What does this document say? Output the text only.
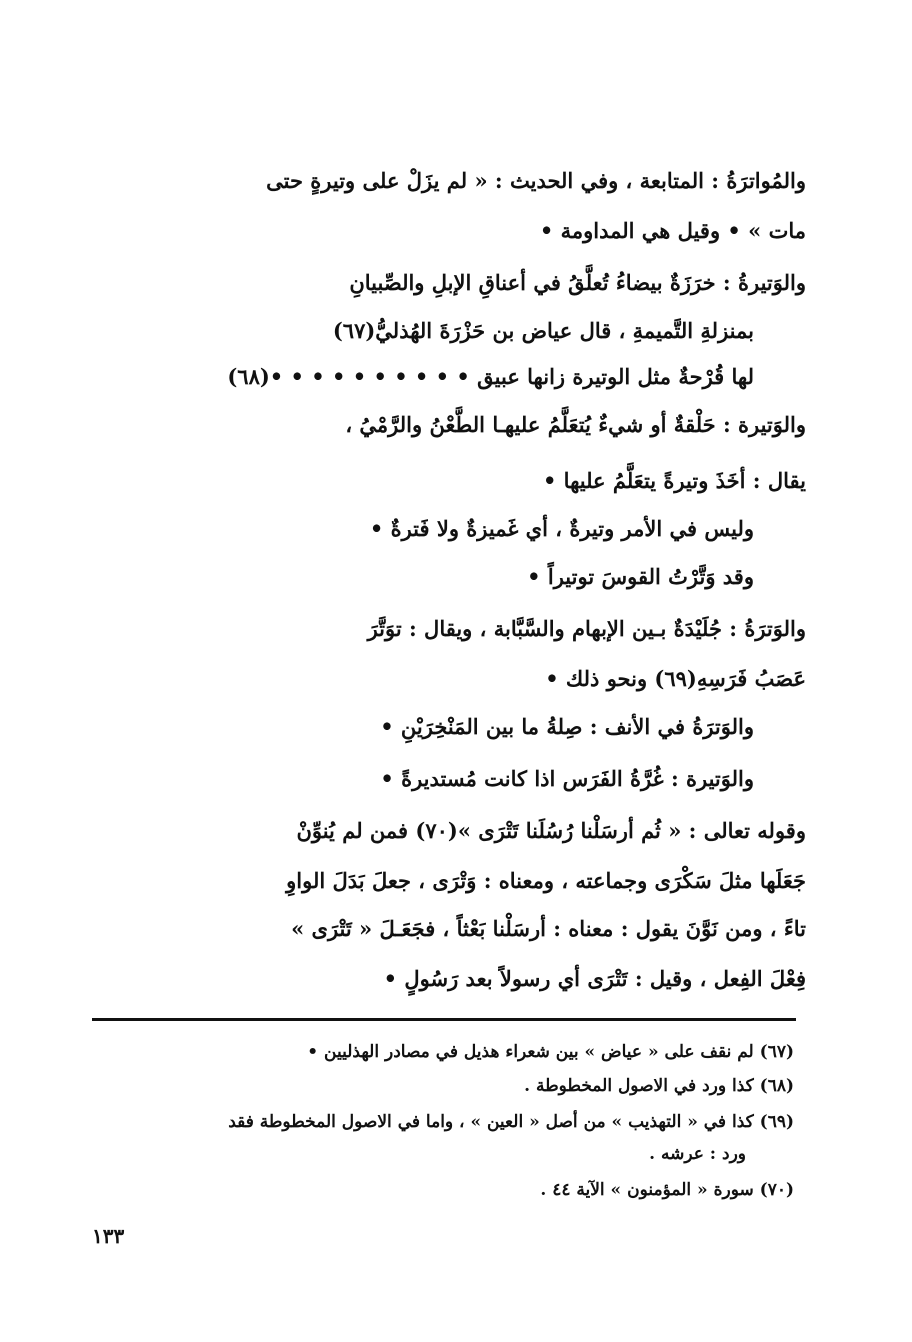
والمُواترَةُ : المتابعة ، وفي الحديث : « لم يزَلْ على وتيرةٍ حتى
مات » • وقيل هي المداومة •
والوَتيرةُ : خرَزَةٌ بيضاءُ تُعلَّقُ في أعناقِ الإبلِ والصِّبيانِ
بمنزلةِ التَّميمةِ ، قال عياض بن حَزْرَةَ الهُذليُّ(٦٧)
لها قُرْحةٌ مثل الوتيرة زانها عبيق • • • • • • • • • •(٦٨)
والوَتيرة : حَلْقةٌ أو شيءٌ يُتعَلَّمُ عليهـا الطَّعْنُ والرَّمْيُ ،
يقال : أخَذَ وتيرةً يتعَلَّمُ عليها •
وليس في الأمر وتيرةٌ ، أي غَميزةٌ ولا فَترةٌ •
وقد وَتَّرْتُ القوسَ توتيراً •
والوَترَةُ : جُلَيْدَةٌ بـين الإبهام والسَّبَّابة ، ويقال : توَتَّرَ
عَصَبُ فَرَسِهِ(٦٩) ونحو ذلك •
والوَترَةُ في الأنف : صِلةُ ما بين المَنْخِرَيْنِ •
والوَتيرة : غُرَّةُ الفَرَس اذا كانت مُستديرةً •
وقوله تعالى : « ثُم أرسَلْنا رُسُلَنا تَتْرَى »(٧٠) فمن لم يُنوِّنْ
جَعَلَها مثلَ سَكْرَى وجماعته ، ومعناه : وَتْرَى ، جعلَ بَدَلَ الواوِ
تاءً ، ومن نَوَّنَ يقول : معناه : أرسَلْنا بَعْثاً ، فجَعَـلَ « تَتْرَى »
فِعْلَ الفِعل ، وقيل : تَتْرَى أي رسولاً بعد رَسُولٍ •
(٦٧) لم نقف على « عياض » بين شعراء هذيل في مصادر الهذليين •
(٦٨) كذا ورد في الاصول المخطوطة .
(٦٩) كذا في « التهذيب » من أصل « العين » ، واما في الاصول المخطوطة فقد
ورد : عرشه .
(٧٠) سورة « المؤمنون » الآية ٤٤ .
١٣٣
